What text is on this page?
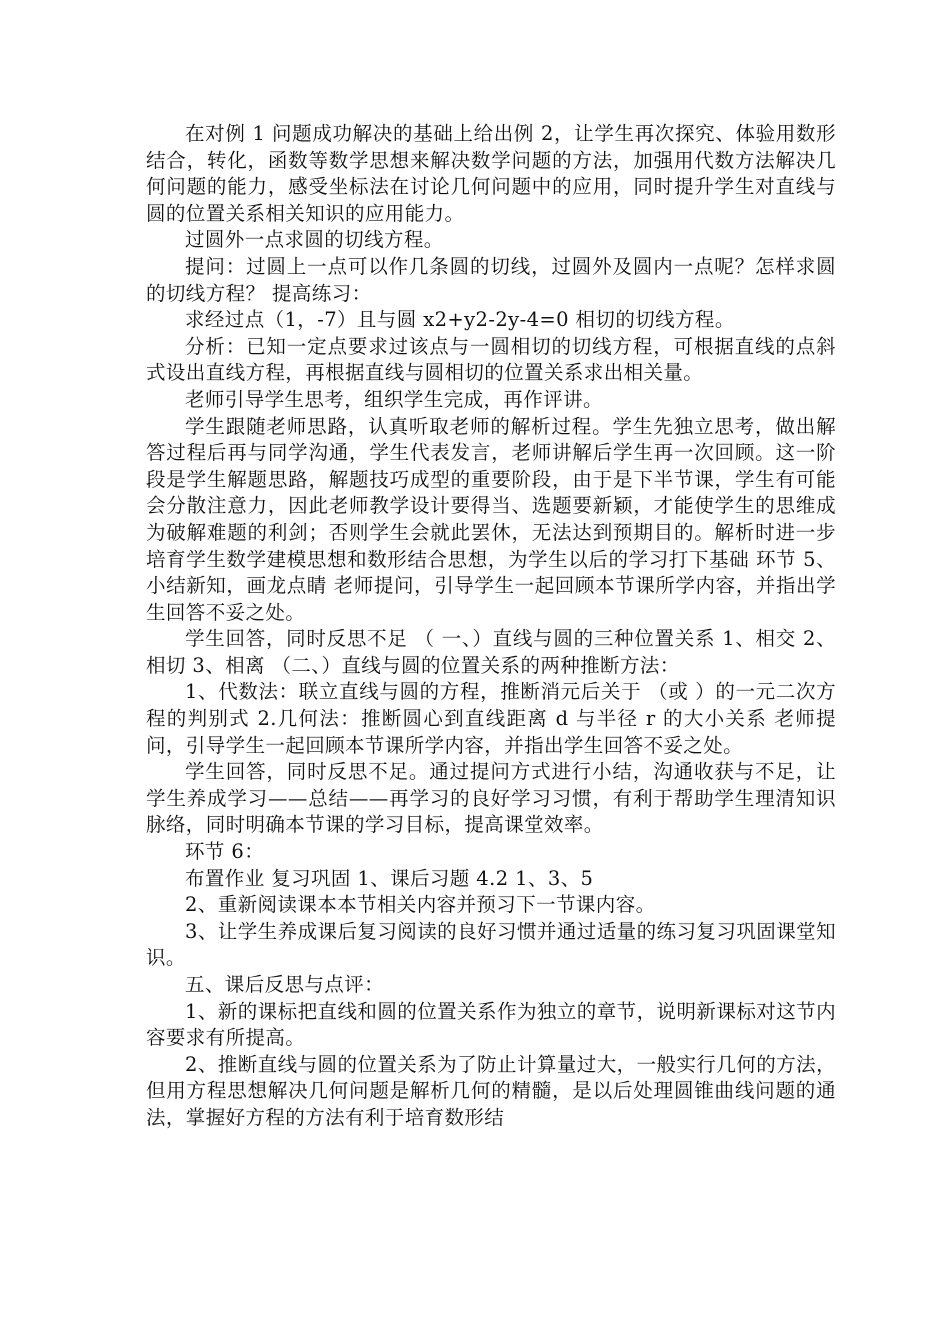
在对例 1 问题成功解决的基础上给出例 2，让学生再次探究、体验用数形结合，转化，函数等数学思想来解决数学问题的方法，加强用代数方法解决几何问题的能力，感受坐标法在讨论几何问题中的应用，同时提升学生对直线与圆的位置关系相关知识的应用能力。

过圆外一点求圆的切线方程。

提问：过圆上一点可以作几条圆的切线，过圆外及圆内一点呢？怎样求圆的切线方程？ 提高练习：

求经过点（1，-7）且与圆 x2+y2-2y-4=0 相切的切线方程。

分析：已知一定点要求过该点与一圆相切的切线方程，可根据直线的点斜式设出直线方程，再根据直线与圆相切的位置关系求出相关量。

老师引导学生思考，组织学生完成，再作评讲。

学生跟随老师思路，认真听取老师的解析过程。学生先独立思考，做出解答过程后再与同学沟通，学生代表发言，老师讲解后学生再一次回顾。这一阶段是学生解题思路，解题技巧成型的重要阶段，由于是下半节课，学生有可能会分散注意力，因此老师教学设计要得当、选题要新颖，才能使学生的思维成为破解难题的利剑；否则学生会就此罢休，无法达到预期目的。解析时进一步培育学生数学建模思想和数形结合思想，为学生以后的学习打下基础 环节 5、小结新知，画龙点睛 老师提问，引导学生一起回顾本节课所学内容，并指出学生回答不妥之处。

学生回答，同时反思不足 （ 一、）直线与圆的三种位置关系 1、相交 2、相切 3、相离 （二、）直线与圆的位置关系的两种推断方法：

1、代数法：联立直线与圆的方程，推断消元后关于 （或 ）的一元二次方程的判别式 2.几何法：推断圆心到直线距离 d 与半径 r 的大小关系 老师提问，引导学生一起回顾本节课所学内容，并指出学生回答不妥之处。

学生回答，同时反思不足。通过提问方式进行小结，沟通收获与不足，让学生养成学习——总结——再学习的良好学习习惯，有利于帮助学生理清知识脉络，同时明确本节课的学习目标，提高课堂效率。

环节 6：

布置作业 复习巩固 1、课后习题 4.2 1、3、5

2、重新阅读课本本节相关内容并预习下一节课内容。

3、让学生养成课后复习阅读的良好习惯并通过适量的练习复习巩固课堂知识。

五、课后反思与点评：

1、新的课标把直线和圆的位置关系作为独立的章节，说明新课标对这节内容要求有所提高。

2、推断直线与圆的位置关系为了防止计算量过大，一般实行几何的方法，但用方程思想解决几何问题是解析几何的精髓，是以后处理圆锥曲线问题的通法，掌握好方程的方法有利于培育数形结
